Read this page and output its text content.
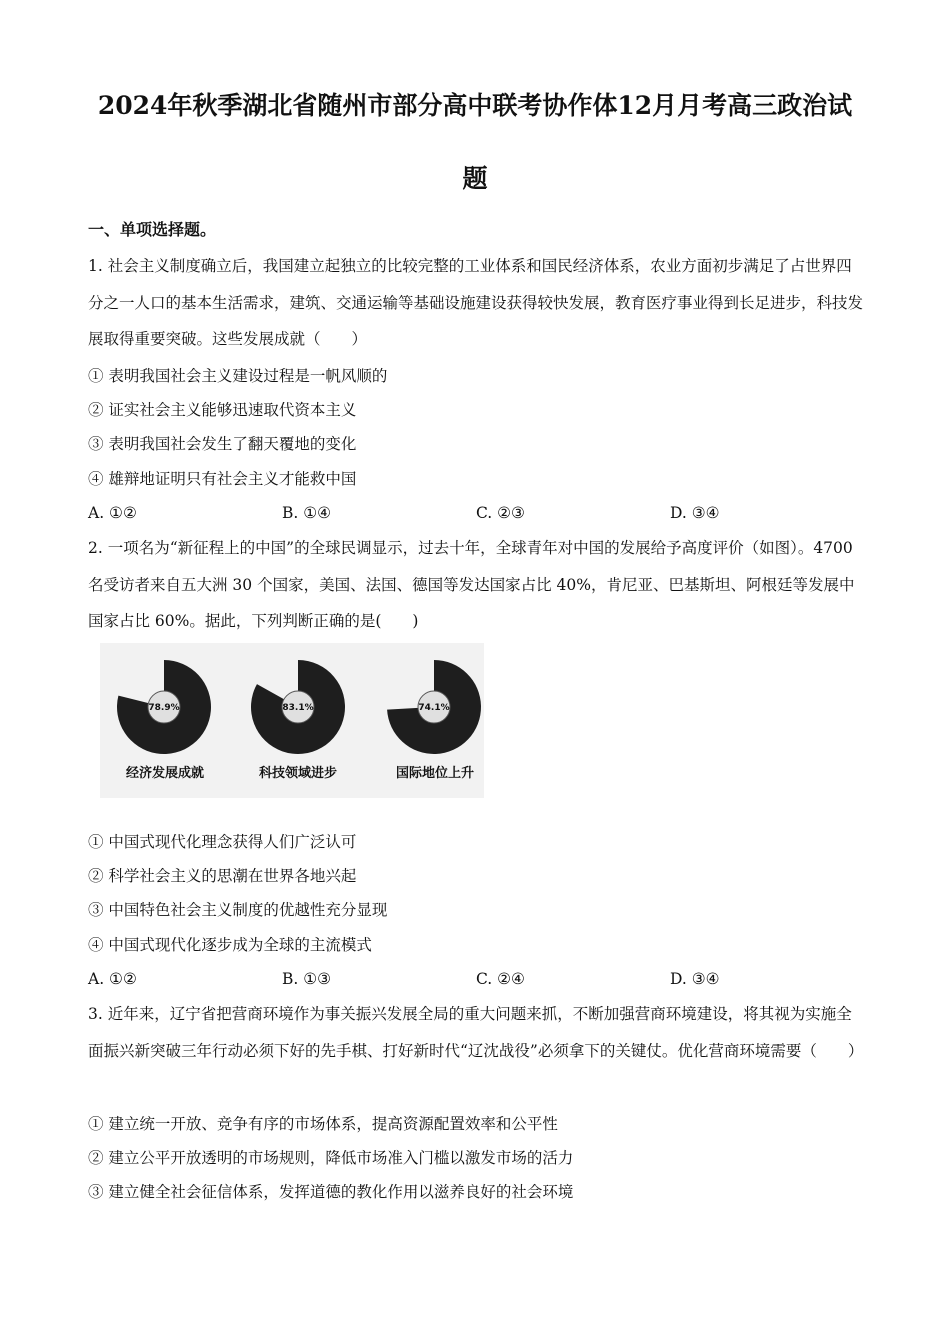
2024年秋季湖北省随州市部分高中联考协作体12月月考高三政治试
题
一、单项选择题。
1. 社会主义制度确立后，我国建立起独立的比较完整的工业体系和国民经济体系，农业方面初步满足了占世界四分之一人口的基本生活需求，建筑、交通运输等基础设施建设获得较快发展，教育医疗事业得到长足进步，科技发展取得重要突破。这些发展成就（　　）
① 表明我国社会主义建设过程是一帆风顺的
② 证实社会主义能够迅速取代资本主义
③ 表明我国社会发生了翻天覆地的变化
④ 雄辩地证明只有社会主义才能救中国
A. ①②	B. ①④	C. ②③	D. ③④
2. 一项名为“新征程上的中国”的全球民调显示，过去十年，全球青年对中国的发展给予高度评价（如图）。4700 名受访者来自五大洲 30 个国家，美国、法国、德国等发达国家占比 40%，肯尼亚、巴基斯坦、阿根廷等发展中国家占比 60%。据此，下列判断正确的是(　　)
78.9%	83.1%	74.1%
经济发展成就	科技领域进步	国际地位上升
① 中国式现代化理念获得人们广泛认可
② 科学社会主义的思潮在世界各地兴起
③ 中国特色社会主义制度的优越性充分显现
④ 中国式现代化逐步成为全球的主流模式
A. ①②	B. ①③	C. ②④	D. ③④
3. 近年来，辽宁省把营商环境作为事关振兴发展全局的重大问题来抓，不断加强营商环境建设，将其视为实施全面振兴新突破三年行动必须下好的先手棋、打好新时代“辽沈战役”必须拿下的关键仗。优化营商环境需要（　　）
① 建立统一开放、竞争有序的市场体系，提高资源配置效率和公平性
② 建立公平开放透明的市场规则，降低市场准入门槛以激发市场的活力
③ 建立健全社会征信体系，发挥道德的教化作用以滋养良好的社会环境
